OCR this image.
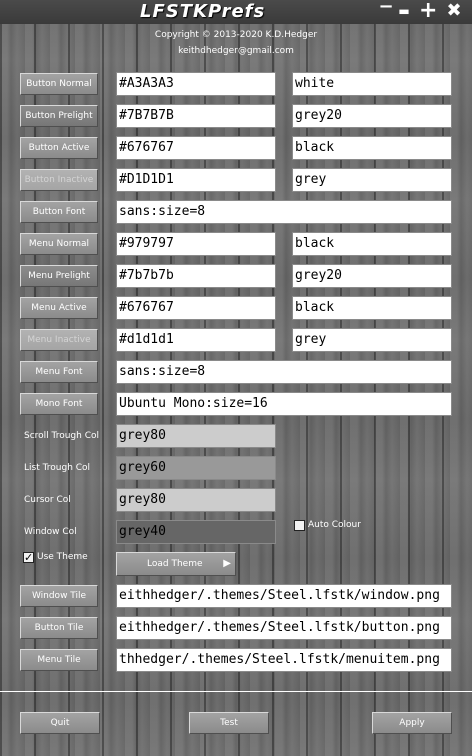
LFSTKPrefs	− ▬ + ✖
Copyright © 2013-2020 K.D.Hedger
keithdhedger@gmail.com
Button Normal	#A3A3A3	white
Button Prelight	#7B7B7B	grey20
Button Active	#676767	black
Button Inactive	#D1D1D1	grey
Button Font	sans:size=8
Menu Normal	#979797	black
Menu Prelight	#7b7b7b	grey20
Menu Active	#676767	black
Menu Inactive	#d1d1d1	grey
Menu Font	sans:size=8
Mono Font	Ubuntu Mono:size=16
Scroll Trough Col grey80
List Trough Col grey60
Cursor Col	grey80
Window Col	grey40	Auto Colour
✓ Use Theme
Load Theme ▶
Window Tile	eithhedger/.themes/Steel.lfstk/window.png
Button Tile	eithhedger/.themes/Steel.lfstk/button.png
Menu Tile	thhedger/.themes/Steel.lfstk/menuitem.png
Quit	Test	Apply
